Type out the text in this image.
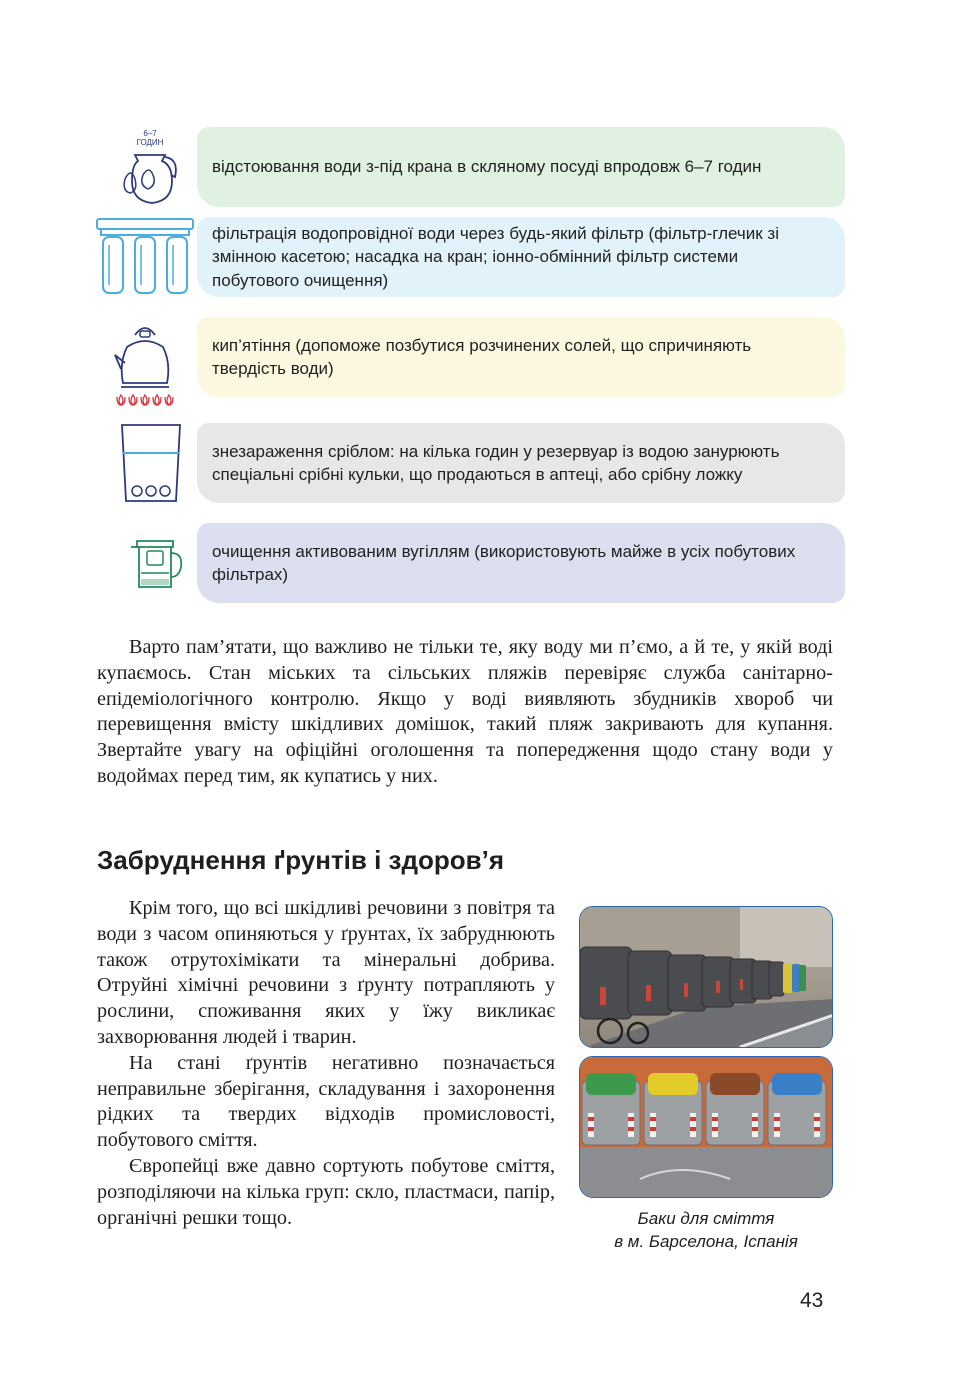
6–7
ГОДИН
відстоювання води з-під крана в скляному посуді впродовж 6–7 годин
фільтрація водопровідної води через будь-який фільтр (фільтр-глечик зі змінною касетою; насадка на кран; іонно-обмінний фільтр системи побутового очищення)
кип’ятіння (допоможе позбутися розчинених солей, що спричиняють твердість води)
знезараження сріблом: на кілька годин у резервуар із водою занурюють спеціальні срібні кульки, що продаються в аптеці, або срібну ложку
очищення активованим вугіллям (використовують майже в усіх побутових фільтрах)

Варто пам’ятати, що важливо не тільки те, яку воду ми п’ємо, а й те, у якій воді купаємось. Стан міських та сільських пляжів перевіряє служба санітарно-епідеміологічного контролю. Якщо у воді виявляють збудників хвороб чи перевищення вмісту шкідливих домішок, такий пляж закривають для купання. Звертайте увагу на офіційні оголошення та попередження щодо стану води у водоймах перед тим, як купатись у них.

Забруднення ґрунтів і здоров’я

Крім того, що всі шкідливі речовини з повітря та води з часом опиняються у ґрунтах, їх забруднюють також отрутохімікати та мінеральні добрива. Отруйні хімічні речовини з ґрунту потрапляють у рослини, споживання яких у їжу викликає захворювання людей і тварин.

На стані ґрунтів негативно позначається неправильне зберігання, складування і захоронення рідких та твердих відходів промисловості, побутового сміття.

Європейці вже давно сортують побутове сміття, розподіляючи на кілька груп: скло, пластмаси, папір, органічні решки тощо.	Баки для сміття
в м. Барселона, Іспанія
43
